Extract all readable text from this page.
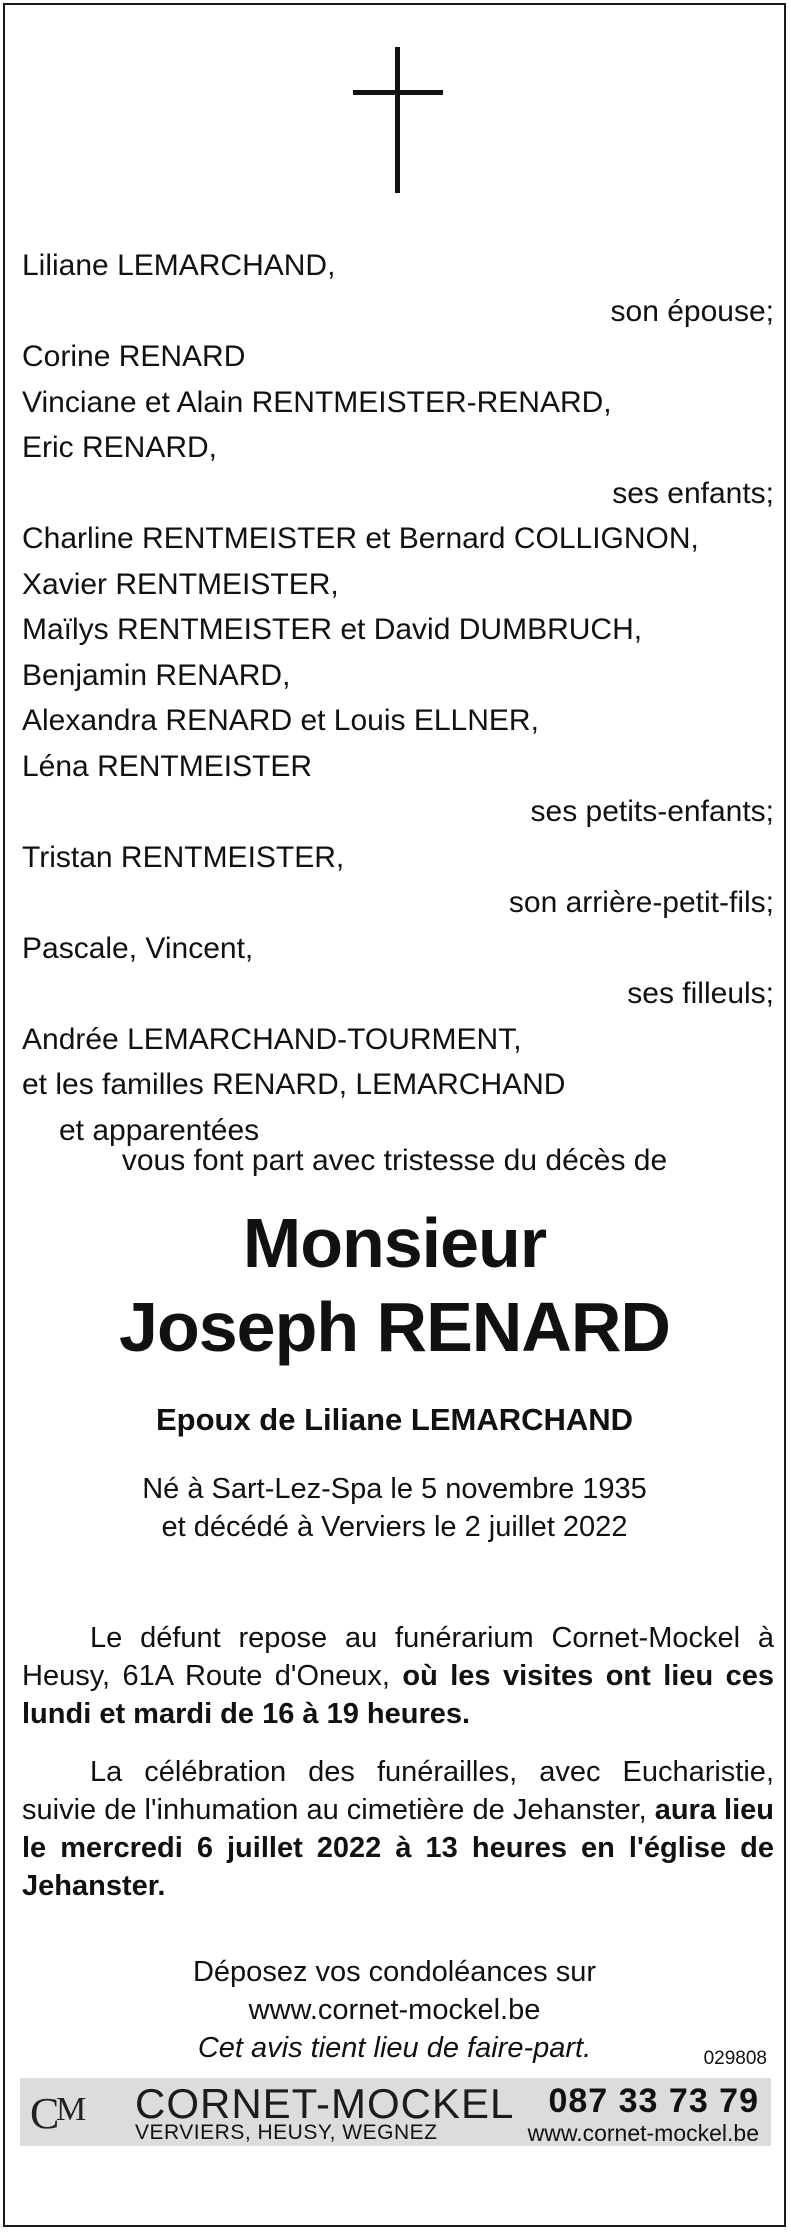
Liliane LEMARCHAND,
son épouse;
Corine RENARD
Vinciane et Alain RENTMEISTER-RENARD,
Eric RENARD,
ses enfants;
Charline RENTMEISTER et Bernard COLLIGNON,
Xavier RENTMEISTER,
Maïlys RENTMEISTER et David DUMBRUCH,
Benjamin RENARD,
Alexandra RENARD et Louis ELLNER,
Léna RENTMEISTER
ses petits-enfants;
Tristan RENTMEISTER,
son arrière-petit-fils;
Pascale, Vincent,
ses filleuls;
Andrée LEMARCHAND-TOURMENT,
et les familles RENARD, LEMARCHAND
et apparentées
vous font part avec tristesse du décès de
Monsieur
Joseph RENARD
Epoux de Liliane LEMARCHAND
Né à Sart-Lez-Spa le 5 novembre 1935
et décédé à Verviers le 2 juillet 2022
Le défunt repose au funérarium Cornet-Mockel à Heusy, 61A Route d'Oneux, où les visites ont lieu ces lundi et mardi de 16 à 19 heures.
La célébration des funérailles, avec Eucharistie, suivie de l'inhumation au cimetière de Jehanster, aura lieu le mercredi 6 juillet 2022 à 13 heures en l'église de Jehanster.
Déposez vos condoléances sur
www.cornet-mockel.be
Cet avis tient lieu de faire-part.	029808
C
M CORNET-MOCKEL
VERVIERS, HEUSY, WEGNEZ
087 33 73 79
www.cornet-mockel.be
